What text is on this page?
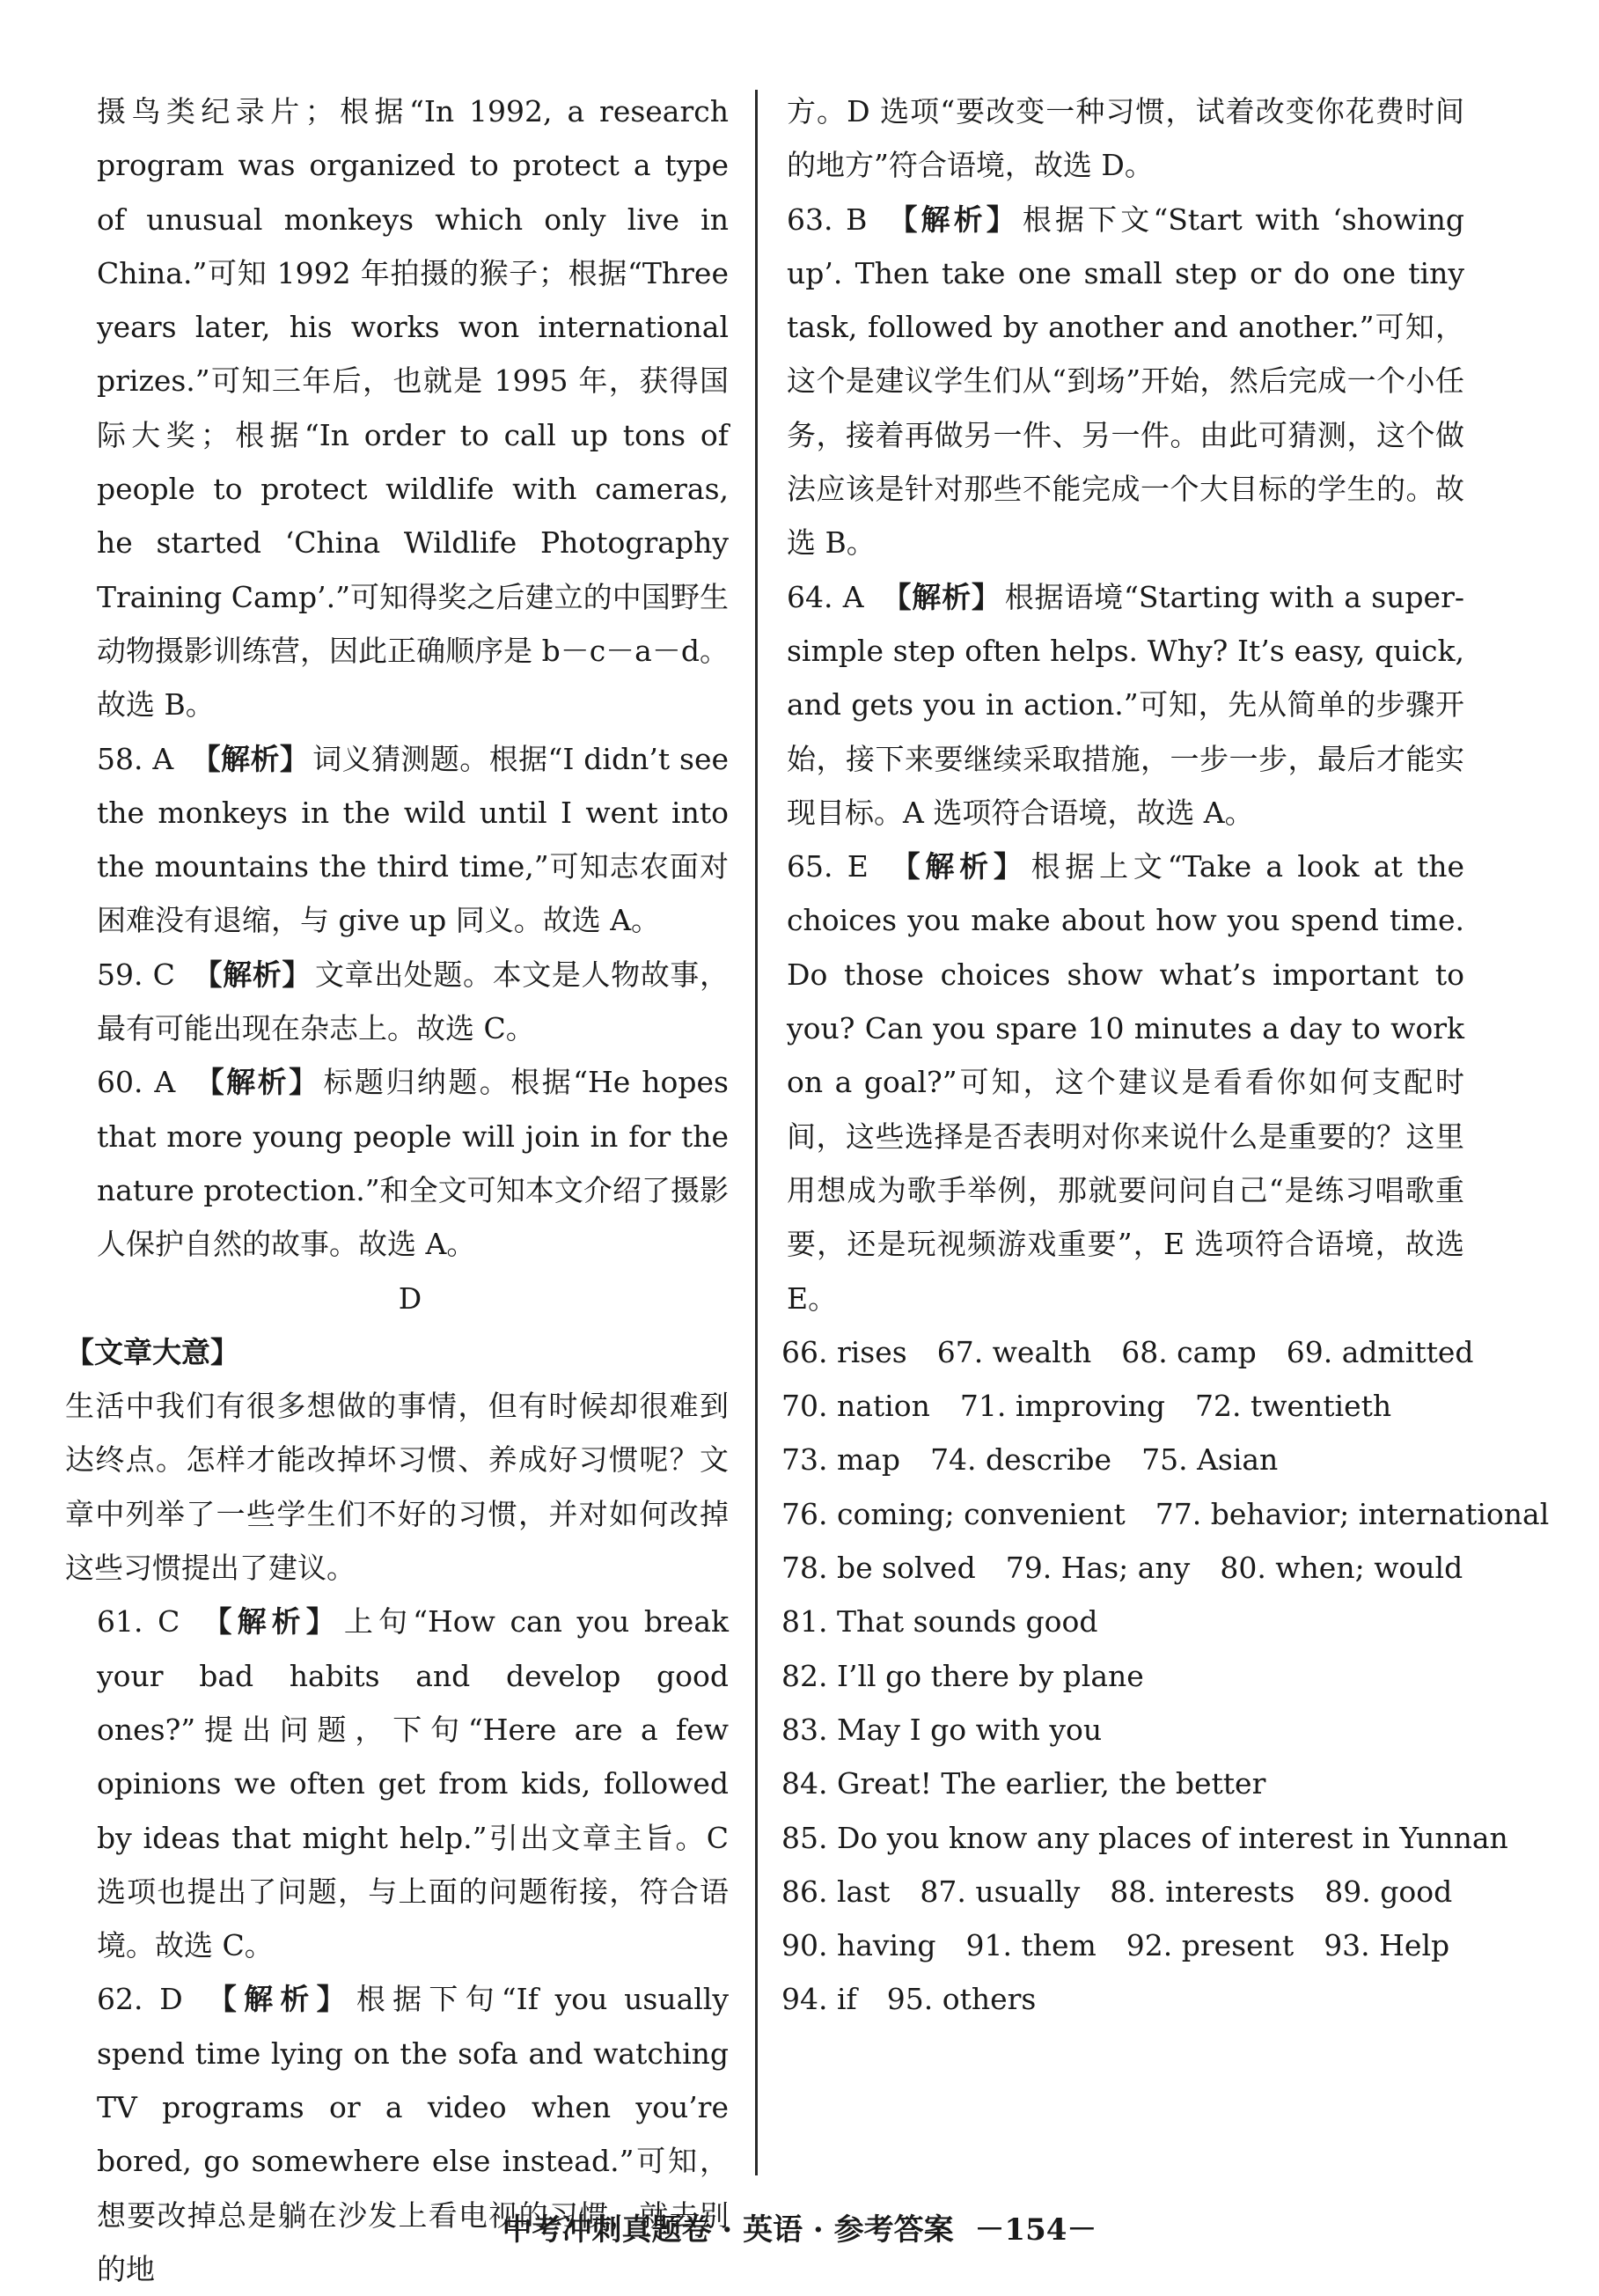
摄鸟类纪录片；根据“In 1992, a research program was organized to protect a type of unusual monkeys which only live in China.”可知 1992 年拍摄的猴子；根据“Three years later, his works won international prizes.”可知三年后，也就是 1995 年，获得国际大奖；根据“In order to call up tons of people to protect wildlife with cameras, he started ‘China Wildlife Photography Training Camp’.”可知得奖之后建立的中国野生动物摄影训练营，因此正确顺序是 b－c－a－d。故选 B。

58. A 【解析】 词义猜测题。根据“I didn’t see the monkeys in the wild until I went into the mountains the third time,”可知志农面对困难没有退缩，与 give up 同义。故选 A。

59. C 【解析】 文章出处题。本文是人物故事，最有可能出现在杂志上。故选 C。

60. A 【解析】 标题归纳题。根据“He hopes that more young people will join in for the nature protection.”和全文可知本文介绍了摄影人保护自然的故事。故选 A。

D

【文章大意】

生活中我们有很多想做的事情，但有时候却很难到达终点。怎样才能改掉坏习惯、养成好习惯呢？文章中列举了一些学生们不好的习惯，并对如何改掉这些习惯提出了建议。

61. C 【解析】 上句“How can you break your bad habits and develop good ones?”提出问题，下句“Here are a few opinions we often get from kids, followed by ideas that might help.”引出文章主旨。C 选项也提出了问题，与上面的问题衔接，符合语境。故选 C。

62. D 【解析】 根据下句“If you usually spend time lying on the sofa and watching TV programs or a video when you’re bored, go somewhere else instead.”可知，想要改掉总是躺在沙发上看电视的习惯，就去别的地

方。D 选项“要改变一种习惯，试着改变你花费时间的地方”符合语境，故选 D。

63. B 【解析】 根据下文“Start with ‘showing up’. Then take one small step or do one tiny task, followed by another and another.”可知，这个是建议学生们从“到场”开始，然后完成一个小任务，接着再做另一件、另一件。由此可猜测，这个做法应该是针对那些不能完成一个大目标的学生的。故选 B。

64. A 【解析】 根据语境“Starting with a super-simple step often helps. Why? It’s easy, quick, and gets you in action.”可知，先从简单的步骤开始，接下来要继续采取措施，一步一步，最后才能实现目标。A 选项符合语境，故选 A。

65. E 【解析】 根据上文“Take a look at the choices you make about how you spend time. Do those choices show what’s important to you? Can you spare 10 minutes a day to work on a goal?”可知，这个建议是看看你如何支配时间，这些选择是否表明对你来说什么是重要的？这里用想成为歌手举例，那就要问问自己“是练习唱歌重要，还是玩视频游戏重要”，E 选项符合语境，故选 E。

66. rises 67. wealth 68. camp 69. admitted

70. nation 71. improving 72. twentieth

73. map 74. describe 75. Asian

76. coming; convenient 77. behavior; international

78. be solved 79. Has; any 80. when; would

81. That sounds good

82. I’ll go there by plane

83. May I go with you

84. Great! The earlier, the better

85. Do you know any places of interest in Yunnan

86. last 87. usually 88. interests 89. good

90. having 91. them 92. present 93. Help

94. if 95. others

中考冲刺真题卷 · 英语 · 参考答案 －154－
